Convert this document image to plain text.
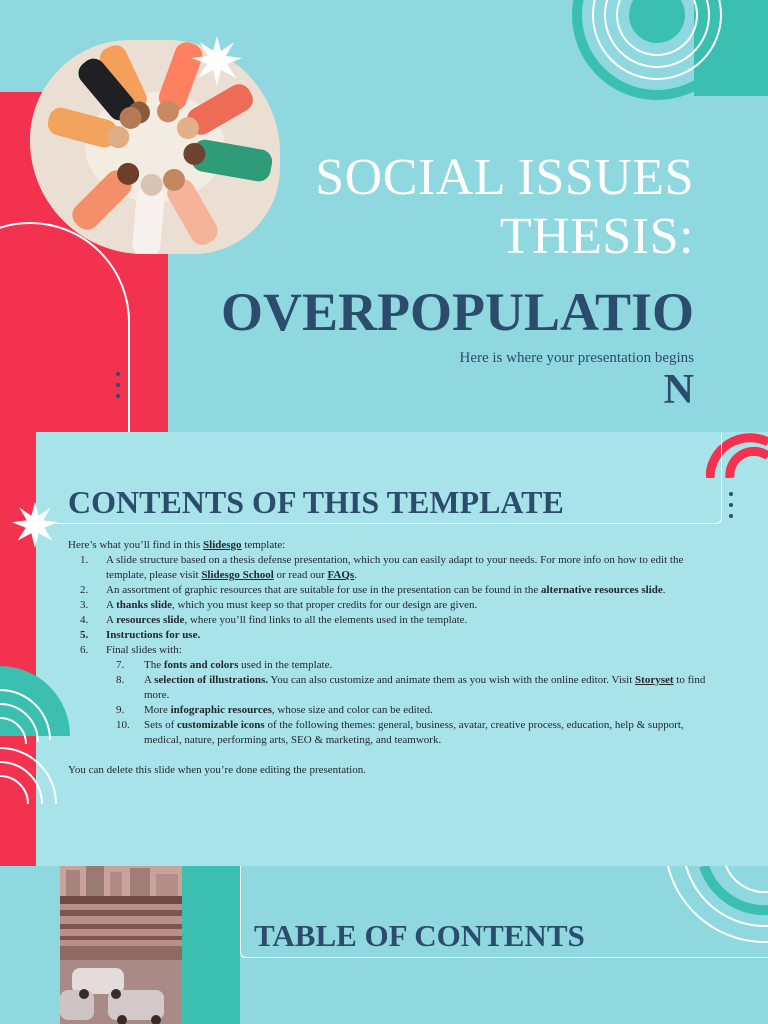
SOCIAL ISSUES
THESIS:
OVERPOPULATIO
Here is where your presentation begins
N
CONTENTS OF THIS TEMPLATE

Here’s what you’ll find in this Slidesgo template:

1. A slide structure based on a thesis defense presentation, which you can easily adapt to your needs. For more info on how to edit the template, please visit Slidesgo School or read our FAQs.
2. An assortment of graphic resources that are suitable for use in the presentation can be found in the alternative resources slide.
3. A thanks slide, which you must keep so that proper credits for our design are given.
4. A resources slide, where you’ll find links to all the elements used in the template.
5. Instructions for use.
6. Final slides with:
7. The fonts and colors used in the template.
8. A selection of illustrations. You can also customize and animate them as you wish with the online editor. Visit Storyset to find more.
9. More infographic resources, whose size and color can be edited.
10. Sets of customizable icons of the following themes: general, business, avatar, creative process, education, help & support, medical, nature, performing arts, SEO & marketing, and teamwork.

You can delete this slide when you’re done editing the presentation.

TABLE OF CONTENTS
